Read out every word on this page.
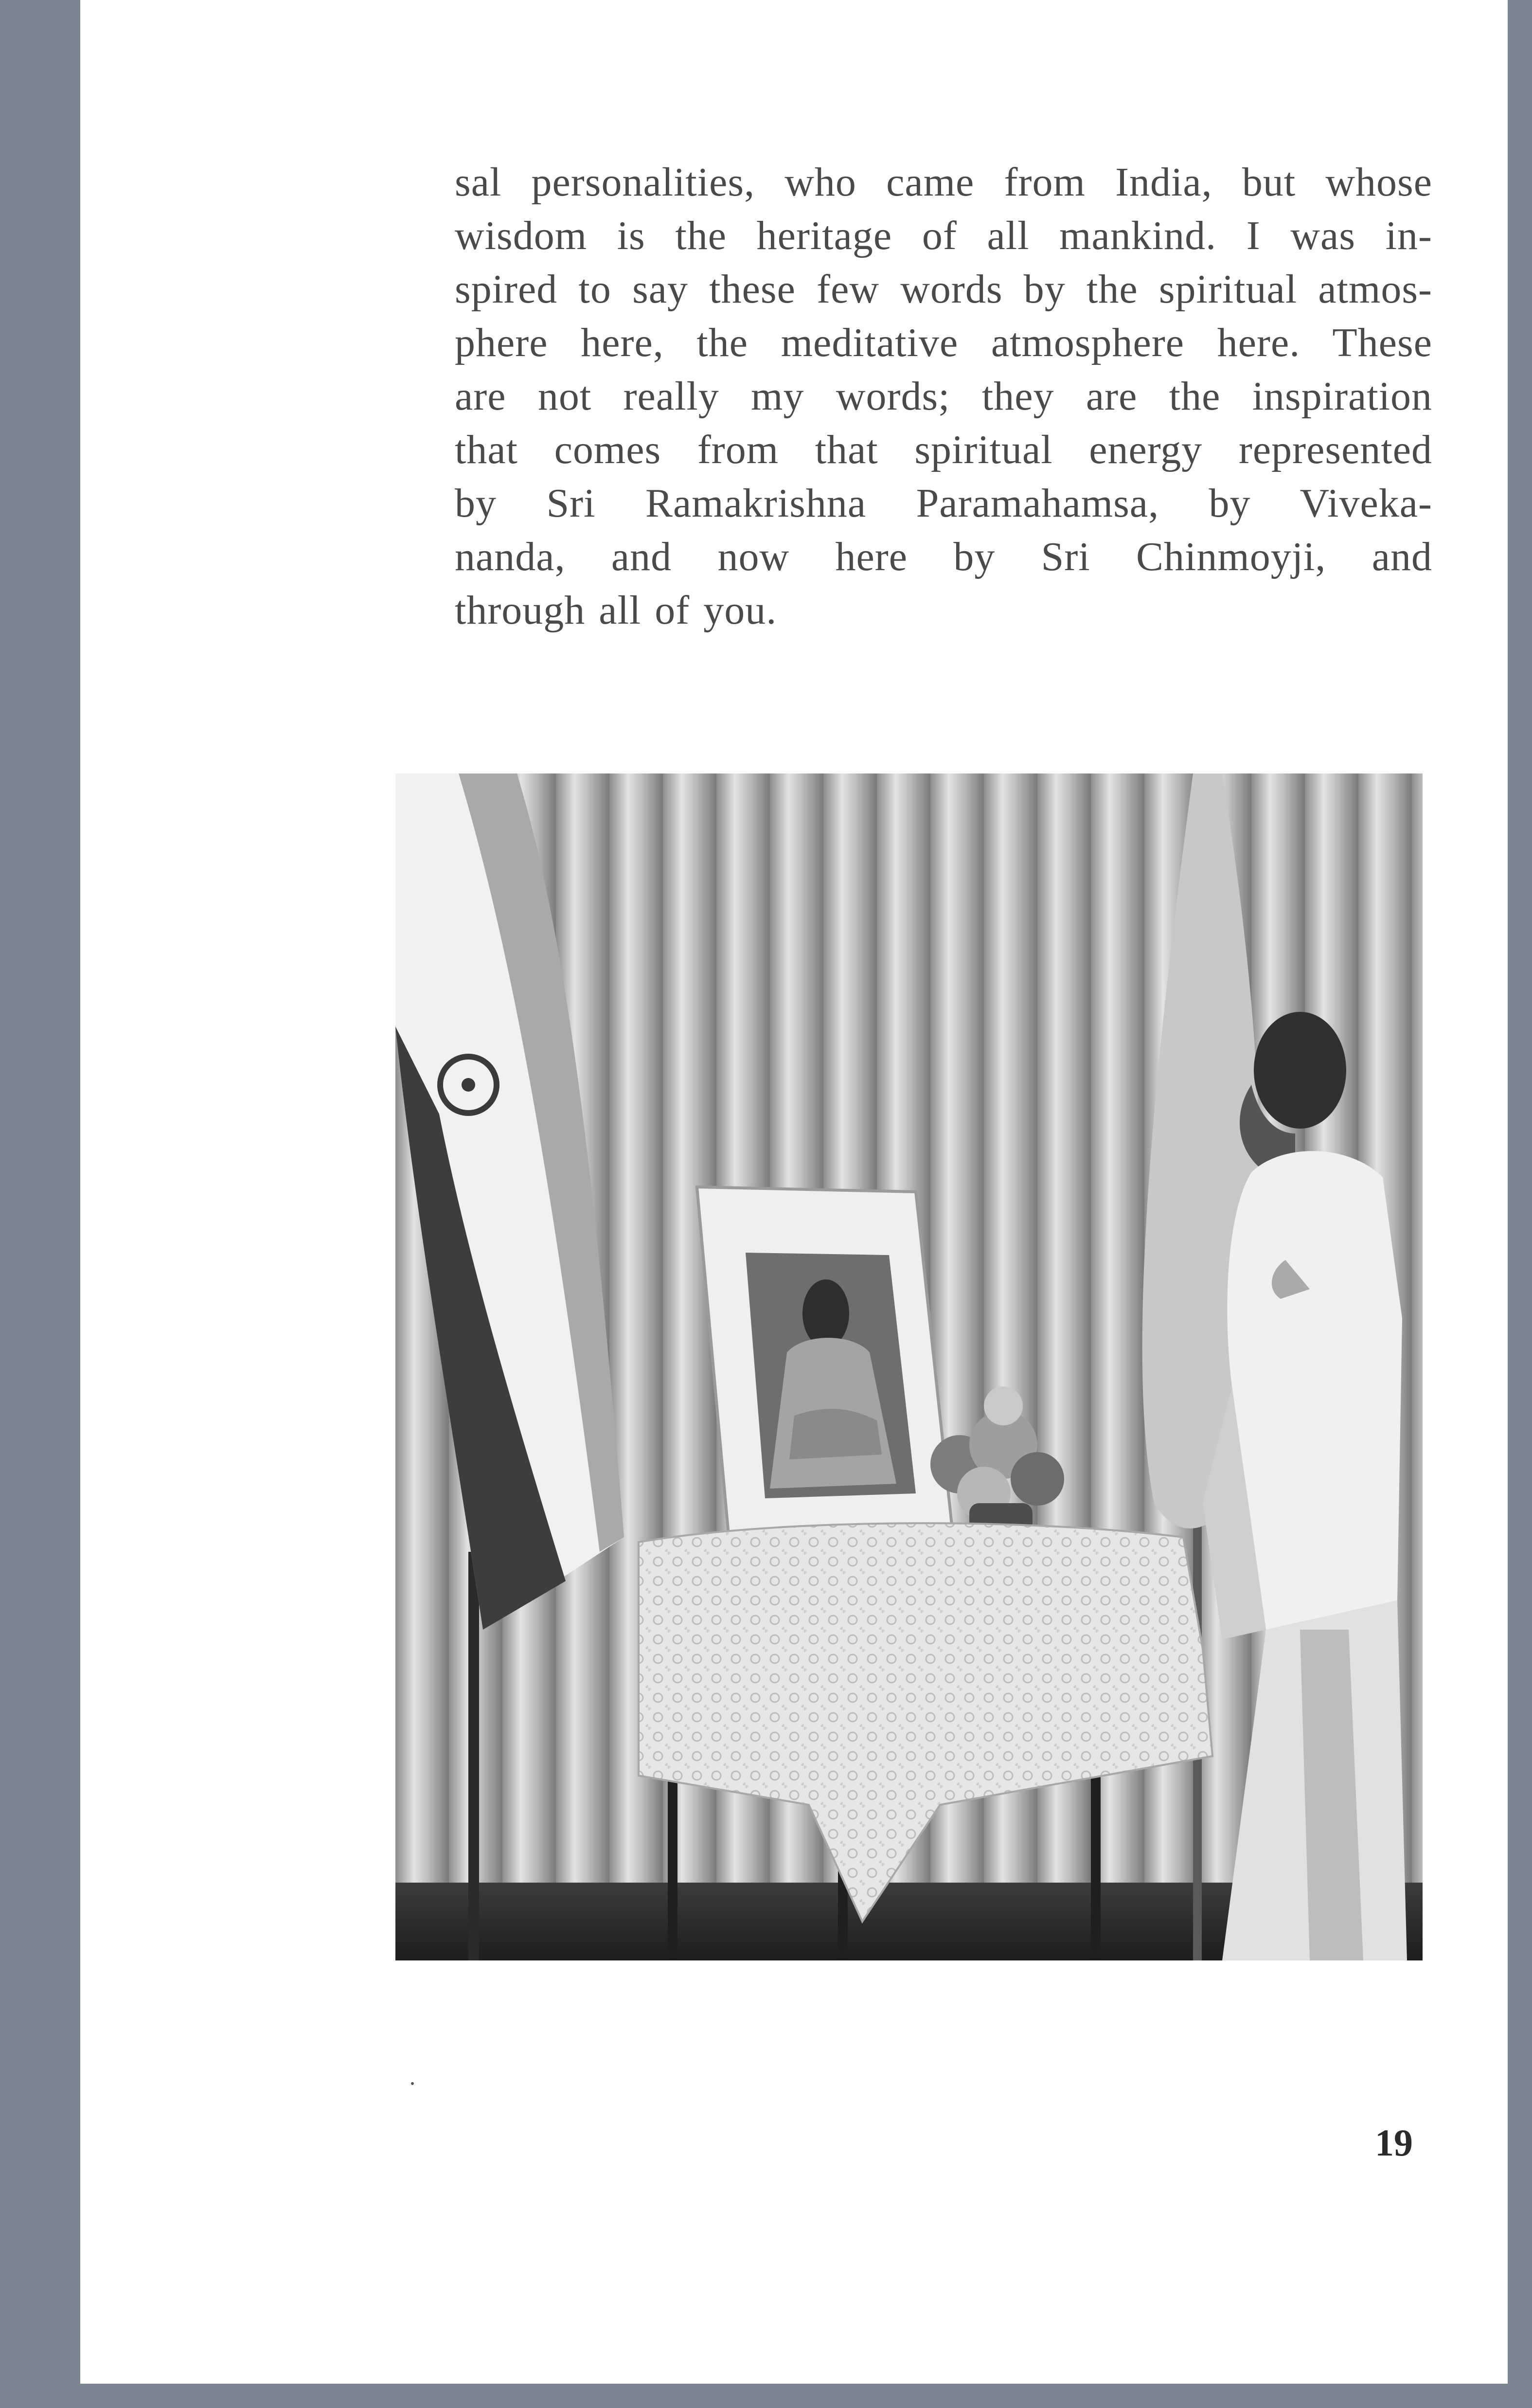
sal personalities, who came from India, but whose
wisdom is the heritage of all mankind. I was in-
spired to say these few words by the spiritual atmos-
phere here, the meditative atmosphere here. These
are not really my words; they are the inspiration
that comes from that spiritual energy represented
by Sri Ramakrishna Paramahamsa, by Viveka-
nanda, and now here by Sri Chinmoyji, and
through all of you.

19
